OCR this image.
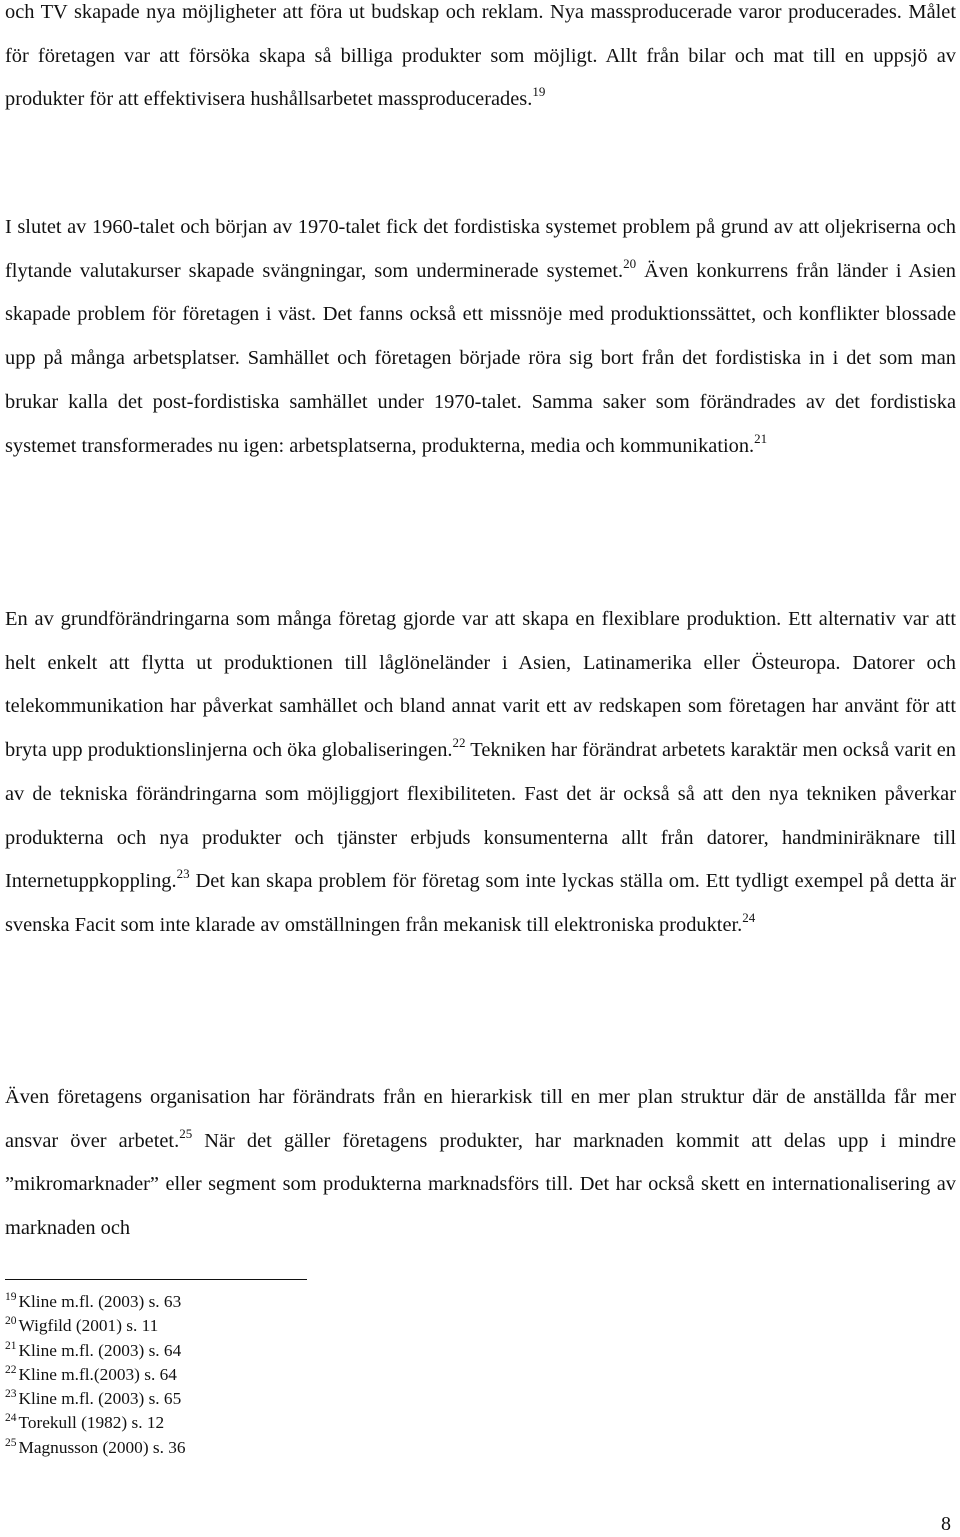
och TV skapade nya möjligheter att föra ut budskap och reklam. Nya massproducerade varor producerades. Målet för företagen var att försöka skapa så billiga produkter som möjligt. Allt från bilar och mat till en uppsjö av produkter för att effektivisera hushållsarbetet massproducerades.$^{19}$

I slutet av 1960-talet och början av 1970-talet fick det fordistiska systemet problem på grund av att oljekriserna och flytande valutakurser skapade svängningar, som underminerade systemet.$^{20}$ Även konkurrens från länder i Asien skapade problem för företagen i väst. Det fanns också ett missnöje med produktionssättet, och konflikter blossade upp på många arbetsplatser. Samhället och företagen började röra sig bort från det fordistiska in i det som man brukar kalla det post-fordistiska samhället under 1970-talet. Samma saker som förändrades av det fordistiska systemet transformerades nu igen: arbetsplatserna, produkterna, media och kommunikation.$^{21}$

En av grundförändringarna som många företag gjorde var att skapa en flexiblare produktion. Ett alternativ var att helt enkelt att flytta ut produktionen till låglöneländer i Asien, Latinamerika eller Östeuropa. Datorer och telekommunikation har påverkat samhället och bland annat varit ett av redskapen som företagen har använt för att bryta upp produktionslinjerna och öka globaliseringen.$^{22}$ Tekniken har förändrat arbetets karaktär men också varit en av de tekniska förändringarna som möjliggjort flexibiliteten. Fast det är också så att den nya tekniken påverkar produkterna och nya produkter och tjänster erbjuds konsumenterna allt från datorer, handminiräknare till Internetuppkoppling.$^{23}$ Det kan skapa problem för företag som inte lyckas ställa om. Ett tydligt exempel på detta är svenska Facit som inte klarade av omställningen från mekanisk till elektroniska produkter.$^{24}$

Även företagens organisation har förändrats från en hierarkisk till en mer plan struktur där de anställda får mer ansvar över arbetet.$^{25}$ När det gäller företagens produkter, har marknaden kommit att delas upp i mindre ”mikromarknader” eller segment som produkterna marknadsförs till. Det har också skett en internationalisering av marknaden och

$^{19}$ Kline m.fl. (2003) s. 63
$^{20}$ Wigfild (2001) s. 11
$^{21}$ Kline m.fl. (2003) s. 64
$^{22}$ Kline m.fl.(2003) s. 64
$^{23}$ Kline m.fl. (2003) s. 65
$^{24}$ Torekull (1982) s. 12
$^{25}$ Magnusson (2000) s. 36
8
